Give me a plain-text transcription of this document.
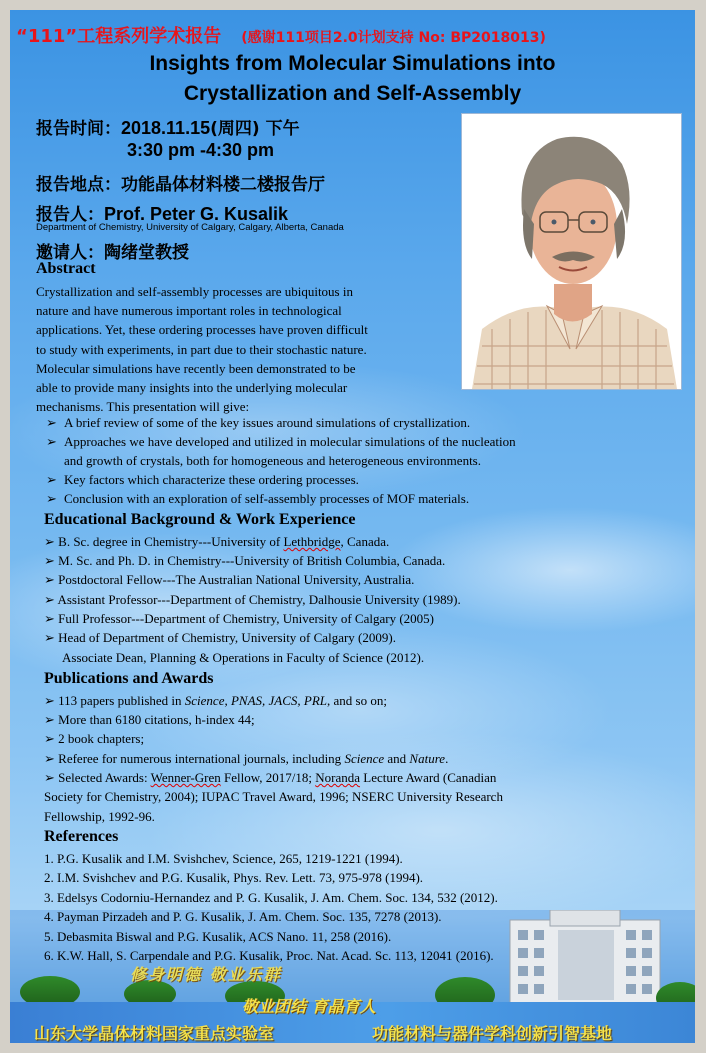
“111”工程系列学术报告 (感谢111项目2.0计划支持 No: BP2018013)
Insights from Molecular Simulations into
Crystallization and Self-Assembly
报告时间：2018.11.15(周四) 下午
3:30 pm -4:30 pm
报告地点：功能晶体材料楼二楼报告厅
报告人：Prof. Peter G. Kusalik
Department of Chemistry, University of Calgary, Calgary, Alberta, Canada
邀请人：陶绪堂教授
Abstract
Crystallization and self-assembly processes are ubiquitous in
nature and have numerous important roles in technological
applications. Yet, these ordering processes have proven difficult
to study with experiments, in part due to their stochastic nature.
Molecular simulations have recently been demonstrated to be
able to provide many insights into the underlying molecular
mechanisms. This presentation will give:
➢ A brief review of some of the key issues around simulations of crystallization.
➢ Approaches we have developed and utilized in molecular simulations of the nucleation
and growth of crystals, both for homogeneous and heterogeneous environments.
➢ Key factors which characterize these ordering processes.
➢ Conclusion with an exploration of self-assembly processes of MOF materials.
Educational Background & Work Experience
➢ B. Sc. degree in Chemistry---University of Lethbridge, Canada.
➢ M. Sc. and Ph. D. in Chemistry---University of British Columbia, Canada.
➢ Postdoctoral Fellow---The Australian National University, Australia.
➢ Assistant Professor---Department of Chemistry, Dalhousie University (1989).
➢ Full Professor---Department of Chemistry, University of Calgary (2005)
➢ Head of Department of Chemistry, University of Calgary (2009).
Associate Dean, Planning & Operations in Faculty of Science (2012).
Publications and Awards
➢ 113 papers published in Science, PNAS, JACS, PRL, and so on;
➢ More than 6180 citations, h-index 44;
➢ 2 book chapters;
➢ Referee for numerous international journals, including Science and Nature.
➢ Selected Awards: Wenner-Gren Fellow, 2017/18; Noranda Lecture Award (Canadian
Society for Chemistry, 2004); IUPAC Travel Award, 1996; NSERC University Research
Fellowship, 1992-96.
References
修身明德 敬业乐群
敬业团结 育晶育人
山东大学晶体材料国家重点实验室	功能材料与器件学科创新引智基地
1. P.G. Kusalik and I.M. Svishchev, Science, 265, 1219-1221 (1994).
2. I.M. Svishchev and P.G. Kusalik, Phys. Rev. Lett. 73, 975-978 (1994).
3. Edelsys Codorniu-Hernandez and P. G. Kusalik, J. Am. Chem. Soc. 134, 532 (2012).
4. Payman Pirzadeh and P. G. Kusalik, J. Am. Chem. Soc. 135, 7278 (2013).
5. Debasmita Biswal and P.G. Kusalik, ACS Nano. 11, 258 (2016).
6. K.W. Hall, S. Carpendale and P.G. Kusalik, Proc. Nat. Acad. Sc. 113, 12041 (2016).
